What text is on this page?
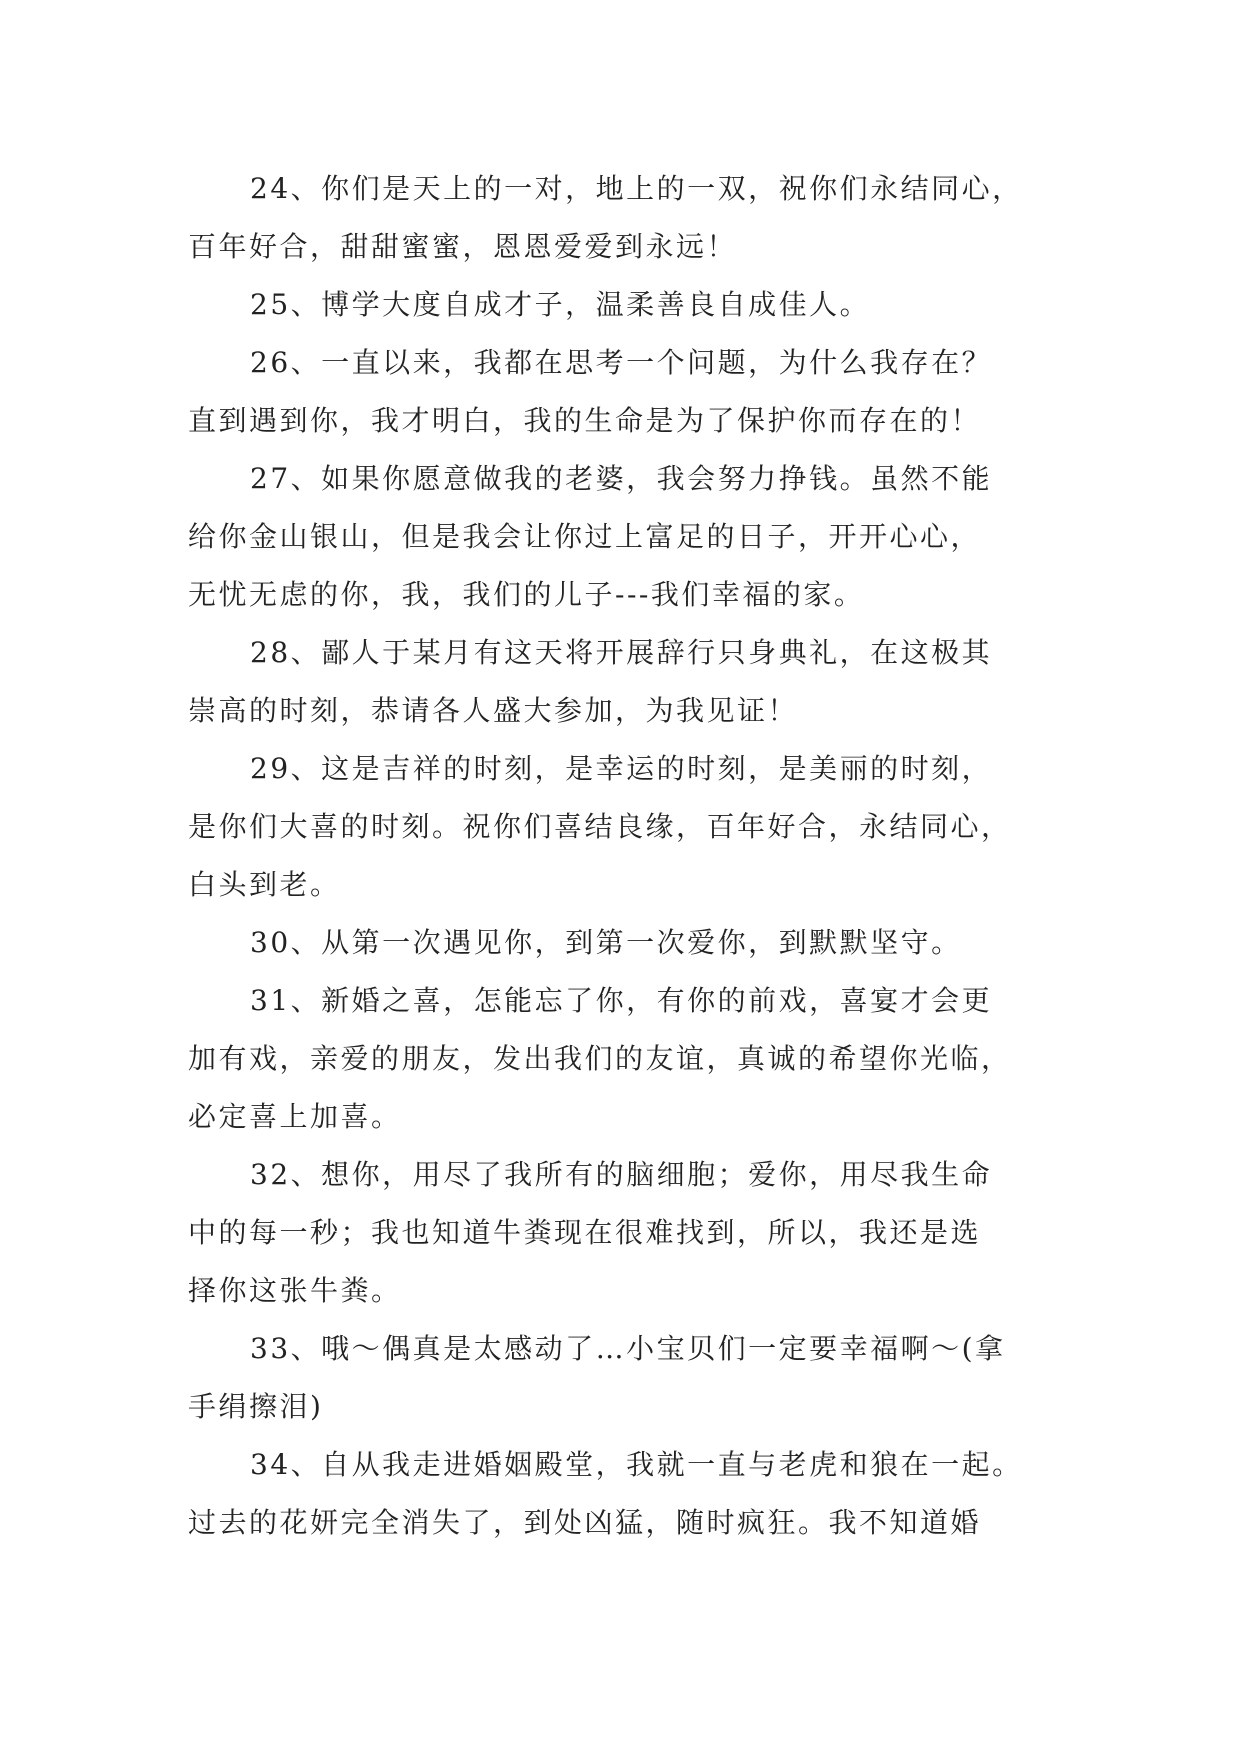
24、你们是天上的一对，地上的一双，祝你们永结同心，
百年好合，甜甜蜜蜜，恩恩爱爱到永远！

25、博学大度自成才子，温柔善良自成佳人。

26、一直以来，我都在思考一个问题，为什么我存在？
直到遇到你，我才明白，我的生命是为了保护你而存在的！

27、如果你愿意做我的老婆，我会努力挣钱。虽然不能
给你金山银山，但是我会让你过上富足的日子，开开心心，
无忧无虑的你，我，我们的儿子---我们幸福的家。

28、鄙人于某月有这天将开展辞行只身典礼，在这极其
崇高的时刻，恭请各人盛大参加，为我见证！

29、这是吉祥的时刻，是幸运的时刻，是美丽的时刻，
是你们大喜的时刻。祝你们喜结良缘，百年好合，永结同心，
白头到老。

30、从第一次遇见你，到第一次爱你，到默默坚守。

31、新婚之喜，怎能忘了你，有你的前戏，喜宴才会更
加有戏，亲爱的朋友，发出我们的友谊，真诚的希望你光临，
必定喜上加喜。

32、想你，用尽了我所有的脑细胞；爱你，用尽我生命
中的每一秒；我也知道牛粪现在很难找到，所以，我还是选
择你这张牛粪。

33、哦～偶真是太感动了…小宝贝们一定要幸福啊～(拿
手绢擦泪)

34、自从我走进婚姻殿堂，我就一直与老虎和狼在一起。
过去的花妍完全消失了，到处凶猛，随时疯狂。我不知道婚
